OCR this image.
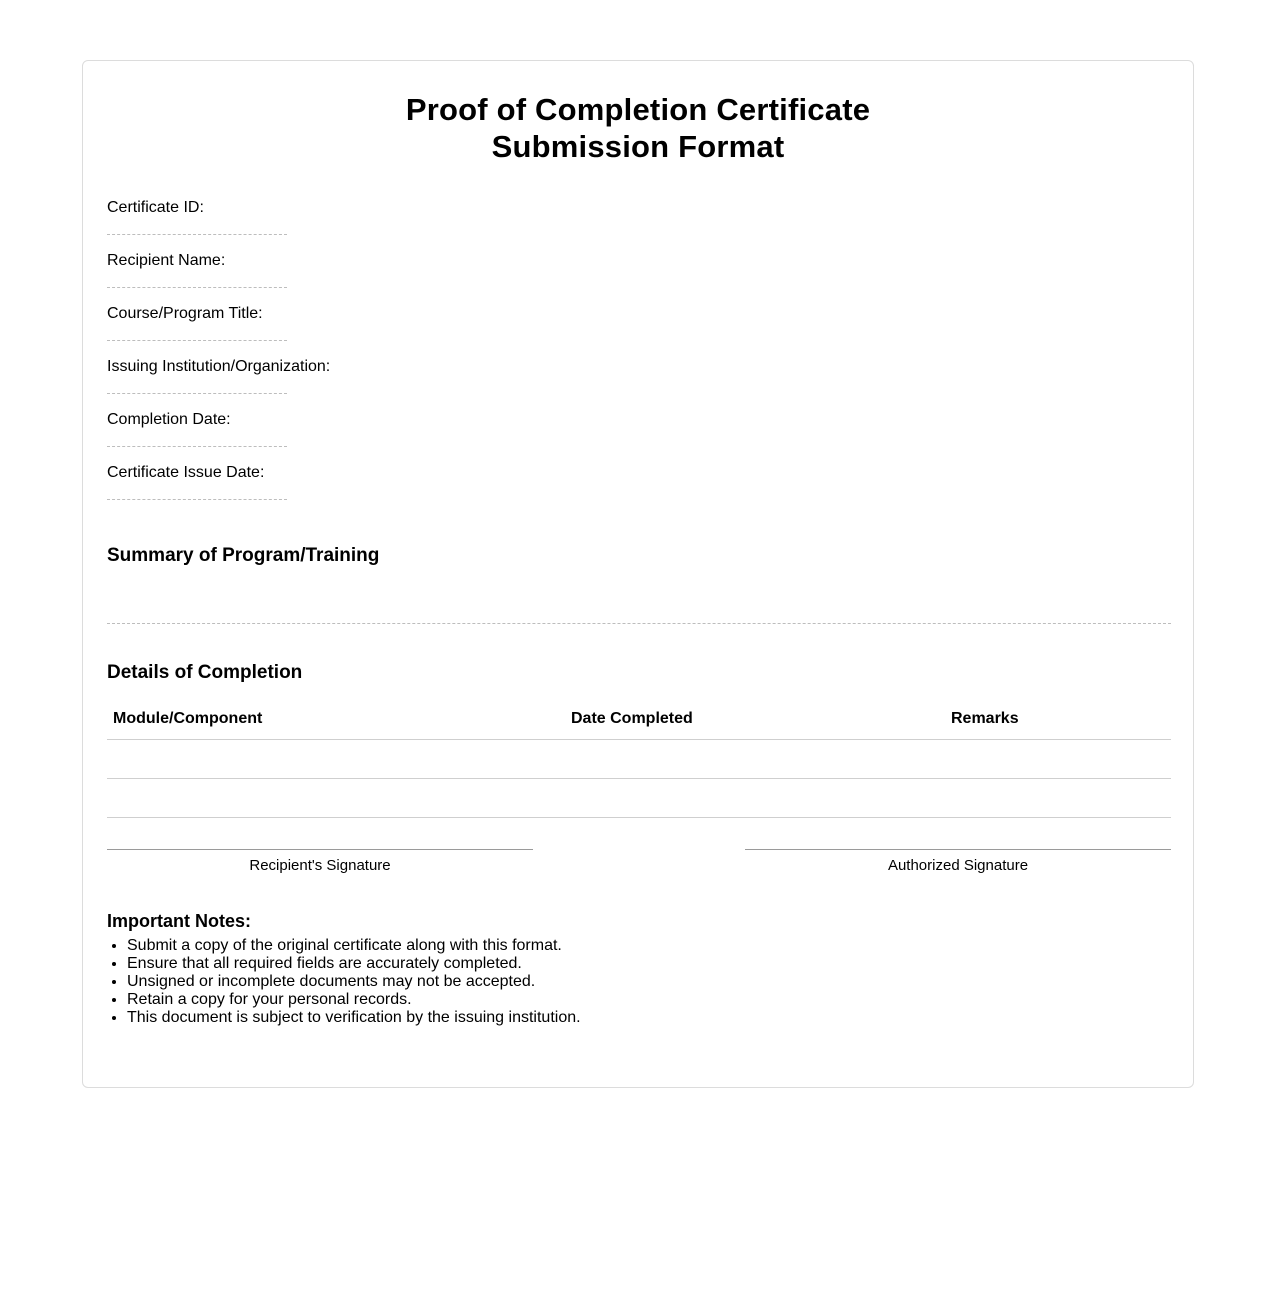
Proof of Completion Certificate
Submission Format
Certificate ID:
Recipient Name:
Course/Program Title:
Issuing Institution/Organization:
Completion Date:
Certificate Issue Date:
Summary of Program/Training
Details of Completion
Module/Component	Date Completed	Remarks
Recipient's Signature	Authorized Signature
Important Notes:
• Submit a copy of the original certificate along with this format.
• Ensure that all required fields are accurately completed.
• Unsigned or incomplete documents may not be accepted.
• Retain a copy for your personal records.
• This document is subject to verification by the issuing institution.
